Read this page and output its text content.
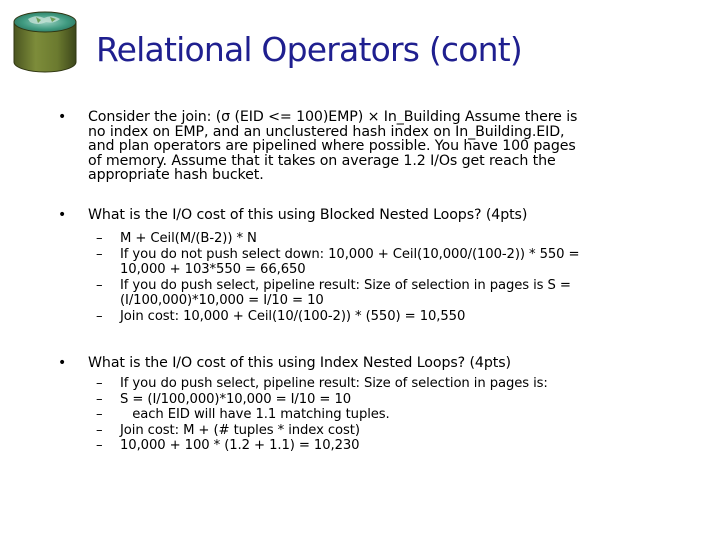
Relational Operators (cont)
• Consider the join: (σ (EID <= 100)EMP) × In_Building Assume there is
no index on EMP, and an unclustered hash index on In_Building.EID,
and plan operators are pipelined where possible. You have 100 pages
of memory. Assume that it takes on average 1.2 I/Os get reach the
appropriate hash bucket.
• What is the I/O cost of this using Blocked Nested Loops? (4pts)
– M + Ceil(M/(B-2)) * N
– If you do not push select down: 10,000 + Ceil(10,000/(100-2)) * 550 =
10,000 + 103*550 = 66,650
– If you do push select, pipeline result: Size of selection in pages is S =
(I/100,000)*10,000 = I/10 = 10
– Join cost: 10,000 + Ceil(10/(100-2)) * (550) = 10,550
• What is the I/O cost of this using Index Nested Loops? (4pts)
– If you do push select, pipeline result: Size of selection in pages is:
– S = (I/100,000)*10,000 = I/10 = 10
– each EID will have 1.1 matching tuples.
– Join cost: M + (# tuples * index cost)
– 10,000 + 100 * (1.2 + 1.1) = 10,230
